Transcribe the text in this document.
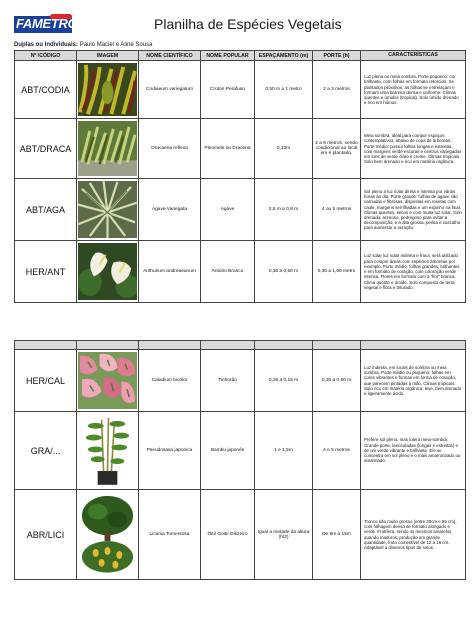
FAMETRO	Planilha de Espécies Vegetais
Duplas ou Individuais: Paulo Maciel e Aline Sousa
Nº /CÓDIGO	IMAGEM	NOME CIENTÍFICO	NOME POPULAR	ESPAÇAMENTO (m)	PORTE (h)	CARACTERÍSTICAS
ABT/CODIA		Codiaeum variegatum	Croton Perafuso	0,50 m a 1 metro	2 a 3 metros	Luz plena ou meia sombra. Porte pequeno: cor brilhante, com folhas em formato retorcido. Se plantados próximos, as folhas se entrelaçam e formam uma barreira densa e uniforme. Climas quentes e úmidos (tropical). Solo úmido drenado e rico em húmus.
ABT/DRACA		Dracaena reflexa	Pleomele ou Dracena	0,33m	2 a 6 metros, sendo condicional ao local em é plantado.	Meia sombra, ideal para compor espaços contemplativos, abaixo de copa de árboreas. Porte médio: possui folhas longas e estreitas, com margens verde escuras e centros variegados em tons de verde claro e creme. Climas tropicais. Solo bem drenado e rico em matéria orgânica.
ABT/AGA		Agave Variegata	Agáve	2,5 m a 0,8 m	4 ou 5 metros	Sol pleno a luz solar direta e intensa por várias horas ao dia. Porte grande: folhas de agave são carnudas e fibrosas, dispostas em rosetas com caule, margens serrilhadas e um espinho na final. Climas quentes, secos e com muita luz solar. Solo drenado, arenoso, pedregoso para evitar a decomposição, e a alta grossa, perlita e cascalho para aumentar a seração.
HER/ANT		Anthurium andreaeanum	Antúrio Branco	0,30 a 0,50 m	0,30 a 1,00 metro	Luz solar luz solar indireta e fraca, será utilizado para compor áreas com espécies árbóreas por exemplo. Porte médio: folhas grandes, brilhantes e em formato de coração, com coloração verde intensa. Flores em formato com a "flor" branca. Clima quente e úmido. Solo composto de terra vegetal e fibra e triturado.

HER/CAL		Caladium bicolor	Tinhorão	0,25 a 0,15 m	0,30 a 0,60 m	Luz indireta, em locais de sombra ou meia sombra. Porte médio ou pequeno: folhas em cores vibrantes e formas em forma de coração, que parecem pintadas à mão. Climas tropicais. Solo rico em matéria orgânica, leve, bem drenado e ligeiramente ácido.
GRA/...		Pseudosasa japonica	Bambu japonês	1 e 1,5m	4 e 5 metros	Prefere sol pleno, mas tolera meia-sombra. Grande porte, lanceoladas (longas e estreitas) e de um verde vibrante e brilhante. Ele se concentra em sol pleno e o mais amarronzado ou amarelado.
ABR/LICI		Licania Tomentosa	Oiti/ Goiti/ Oitizeiro	Igual a metade da altura (h/2)	De 8m à 15m	Tronco não muito grosso (entre 30cm e 65 cm), com folhagem densa de formato alongado e verde. Frutífera, sendo os mesmos amarelos quando maduros, produção em grande quantidade, fruto comestível de 12 a 16 cm. Adaptável a diversos tipos de solos.
